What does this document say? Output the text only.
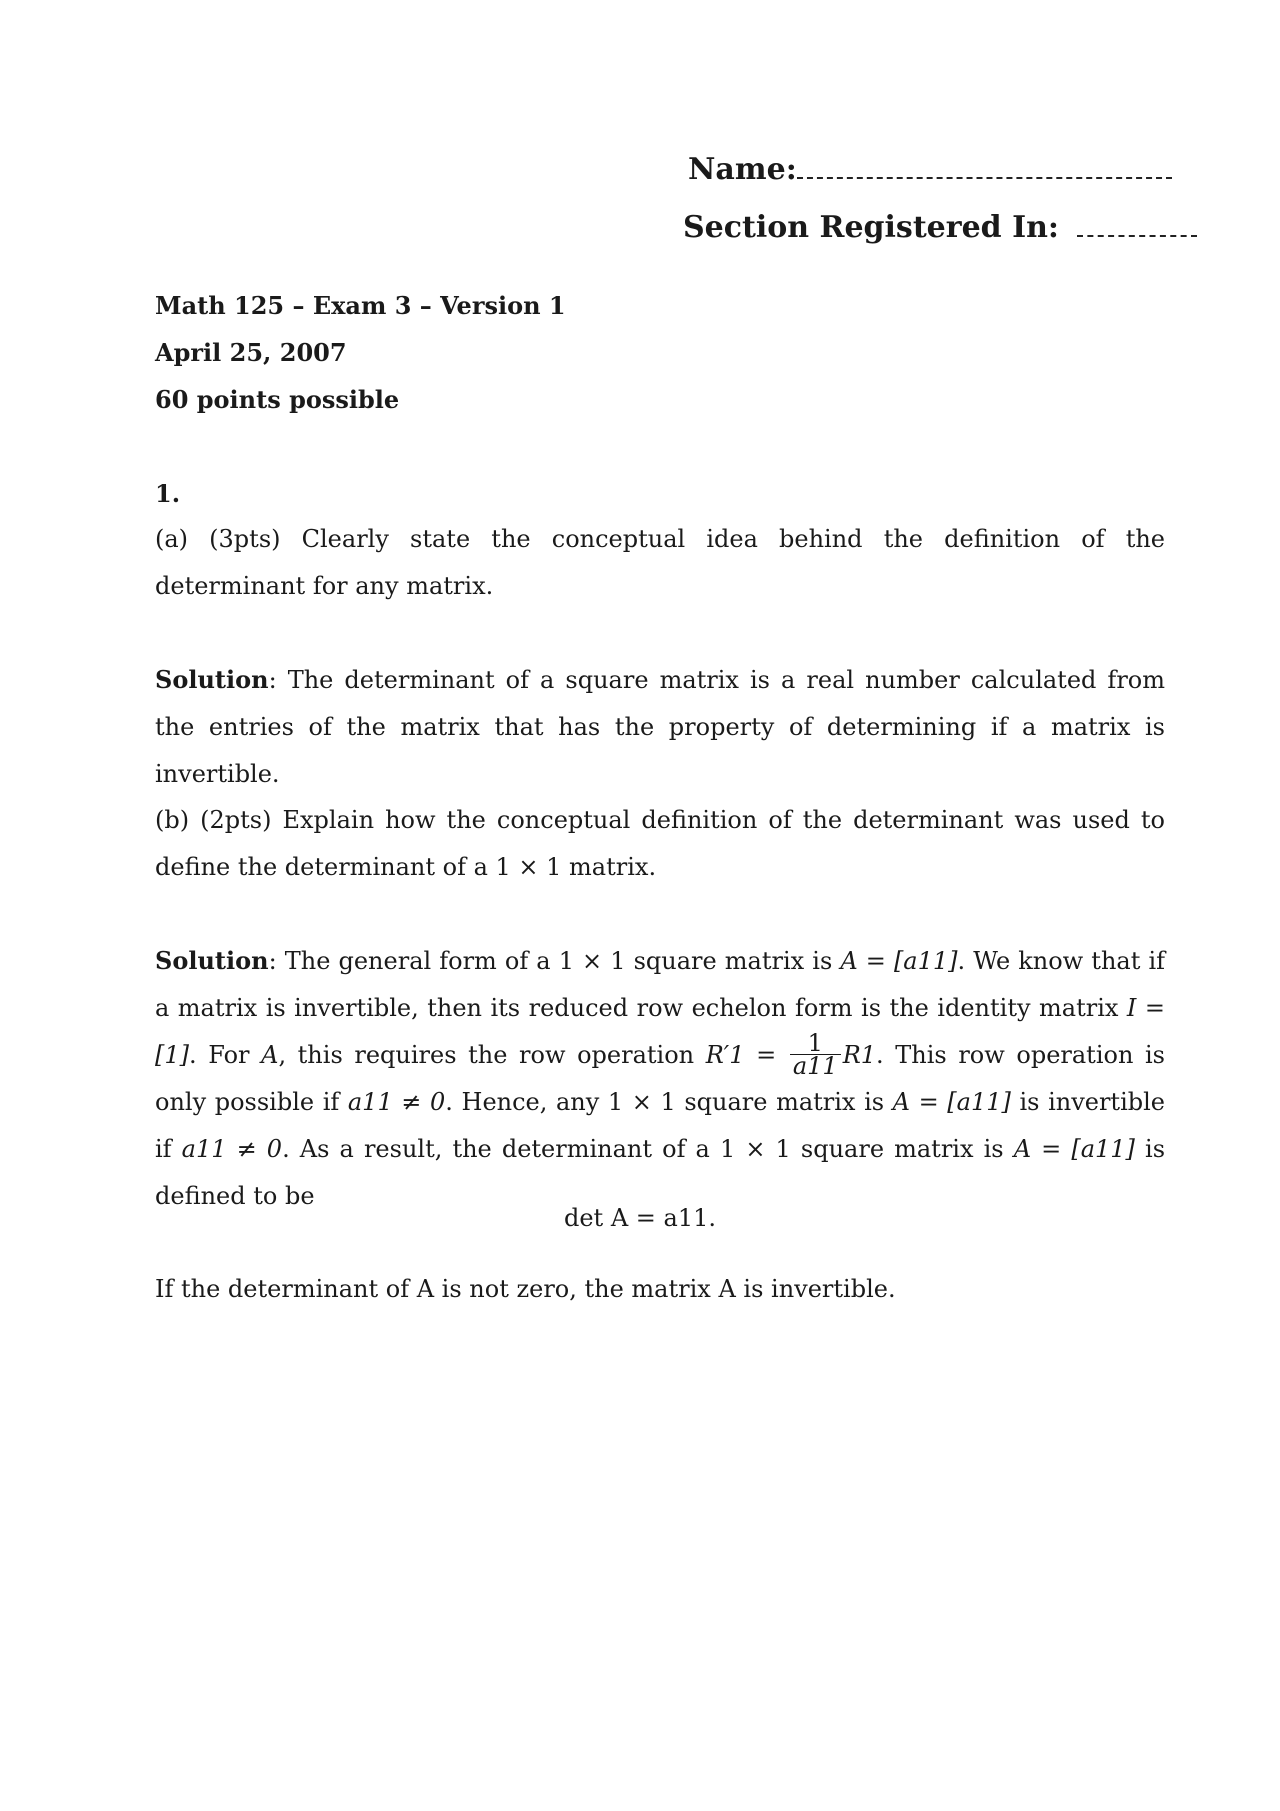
Name:
Section Registered In:
Math 125 – Exam 3 – Version 1
April 25, 2007
60 points possible
1.
(a) (3pts) Clearly state the conceptual idea behind the definition of the determinant for any matrix.
Solution: The determinant of a square matrix is a real number calculated from the entries of the matrix that has the property of determining if a matrix is invertible.
(b) (2pts) Explain how the conceptual definition of the determinant was used to define the determinant of a 1 × 1 matrix.
Solution: The general form of a 1 × 1 square matrix is A = [a11]. We know that if a matrix is invertible, then its reduced row echelon form is the identity matrix I = [1]. For A, this requires the row operation $R'1 = \frac{1}{a11} R1$. This row operation is only possible if a11 ≠ 0. Hence, any 1 × 1 square matrix is A = [a11] is invertible if a11 ≠ 0. As a result, the determinant of a 1 × 1 square matrix is A = [a11] is defined to be
det A = a11.
If the determinant of A is not zero, the matrix A is invertible.
